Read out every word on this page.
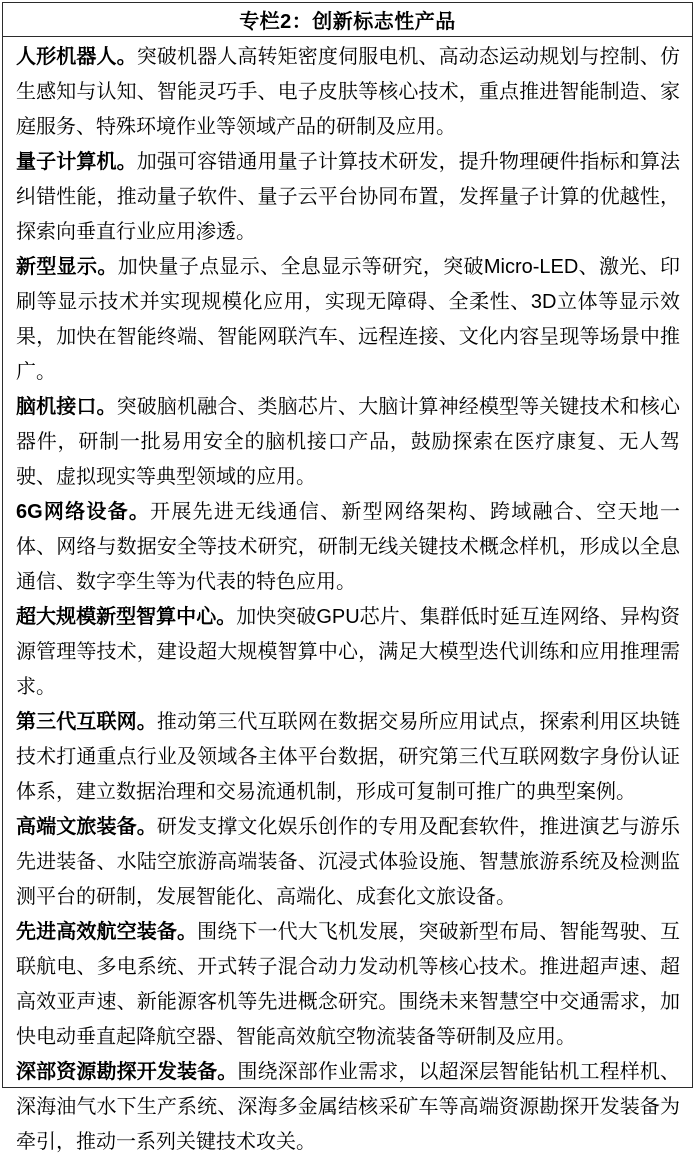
专栏2：创新标志性产品

人形机器人。突破机器人高转矩密度伺服电机、高动态运动规划与控制、仿生感知与认知、智能灵巧手、电子皮肤等核心技术，重点推进智能制造、家庭服务、特殊环境作业等领域产品的研制及应用。

量子计算机。加强可容错通用量子计算技术研发，提升物理硬件指标和算法纠错性能，推动量子软件、量子云平台协同布置，发挥量子计算的优越性，探索向垂直行业应用渗透。

新型显示。加快量子点显示、全息显示等研究，突破Micro-LED、激光、印刷等显示技术并实现规模化应用，实现无障碍、全柔性、3D立体等显示效果，加快在智能终端、智能网联汽车、远程连接、文化内容呈现等场景中推广。

脑机接口。突破脑机融合、类脑芯片、大脑计算神经模型等关键技术和核心器件，研制一批易用安全的脑机接口产品，鼓励探索在医疗康复、无人驾驶、虚拟现实等典型领域的应用。

6G网络设备。开展先进无线通信、新型网络架构、跨域融合、空天地一体、网络与数据安全等技术研究，研制无线关键技术概念样机，形成以全息通信、数字孪生等为代表的特色应用。

超大规模新型智算中心。加快突破GPU芯片、集群低时延互连网络、异构资源管理等技术，建设超大规模智算中心，满足大模型迭代训练和应用推理需求。

第三代互联网。推动第三代互联网在数据交易所应用试点，探索利用区块链技术打通重点行业及领域各主体平台数据，研究第三代互联网数字身份认证体系，建立数据治理和交易流通机制，形成可复制可推广的典型案例。

高端文旅装备。研发支撑文化娱乐创作的专用及配套软件，推进演艺与游乐先进装备、水陆空旅游高端装备、沉浸式体验设施、智慧旅游系统及检测监测平台的研制，发展智能化、高端化、成套化文旅设备。

先进高效航空装备。围绕下一代大飞机发展，突破新型布局、智能驾驶、互联航电、多电系统、开式转子混合动力发动机等核心技术。推进超声速、超高效亚声速、新能源客机等先进概念研究。围绕未来智慧空中交通需求，加快电动垂直起降航空器、智能高效航空物流装备等研制及应用。

深部资源勘探开发装备。围绕深部作业需求，以超深层智能钻机工程样机、深海油气水下生产系统、深海多金属结核采矿车等高端资源勘探开发装备为牵引，推动一系列关键技术攻关。
